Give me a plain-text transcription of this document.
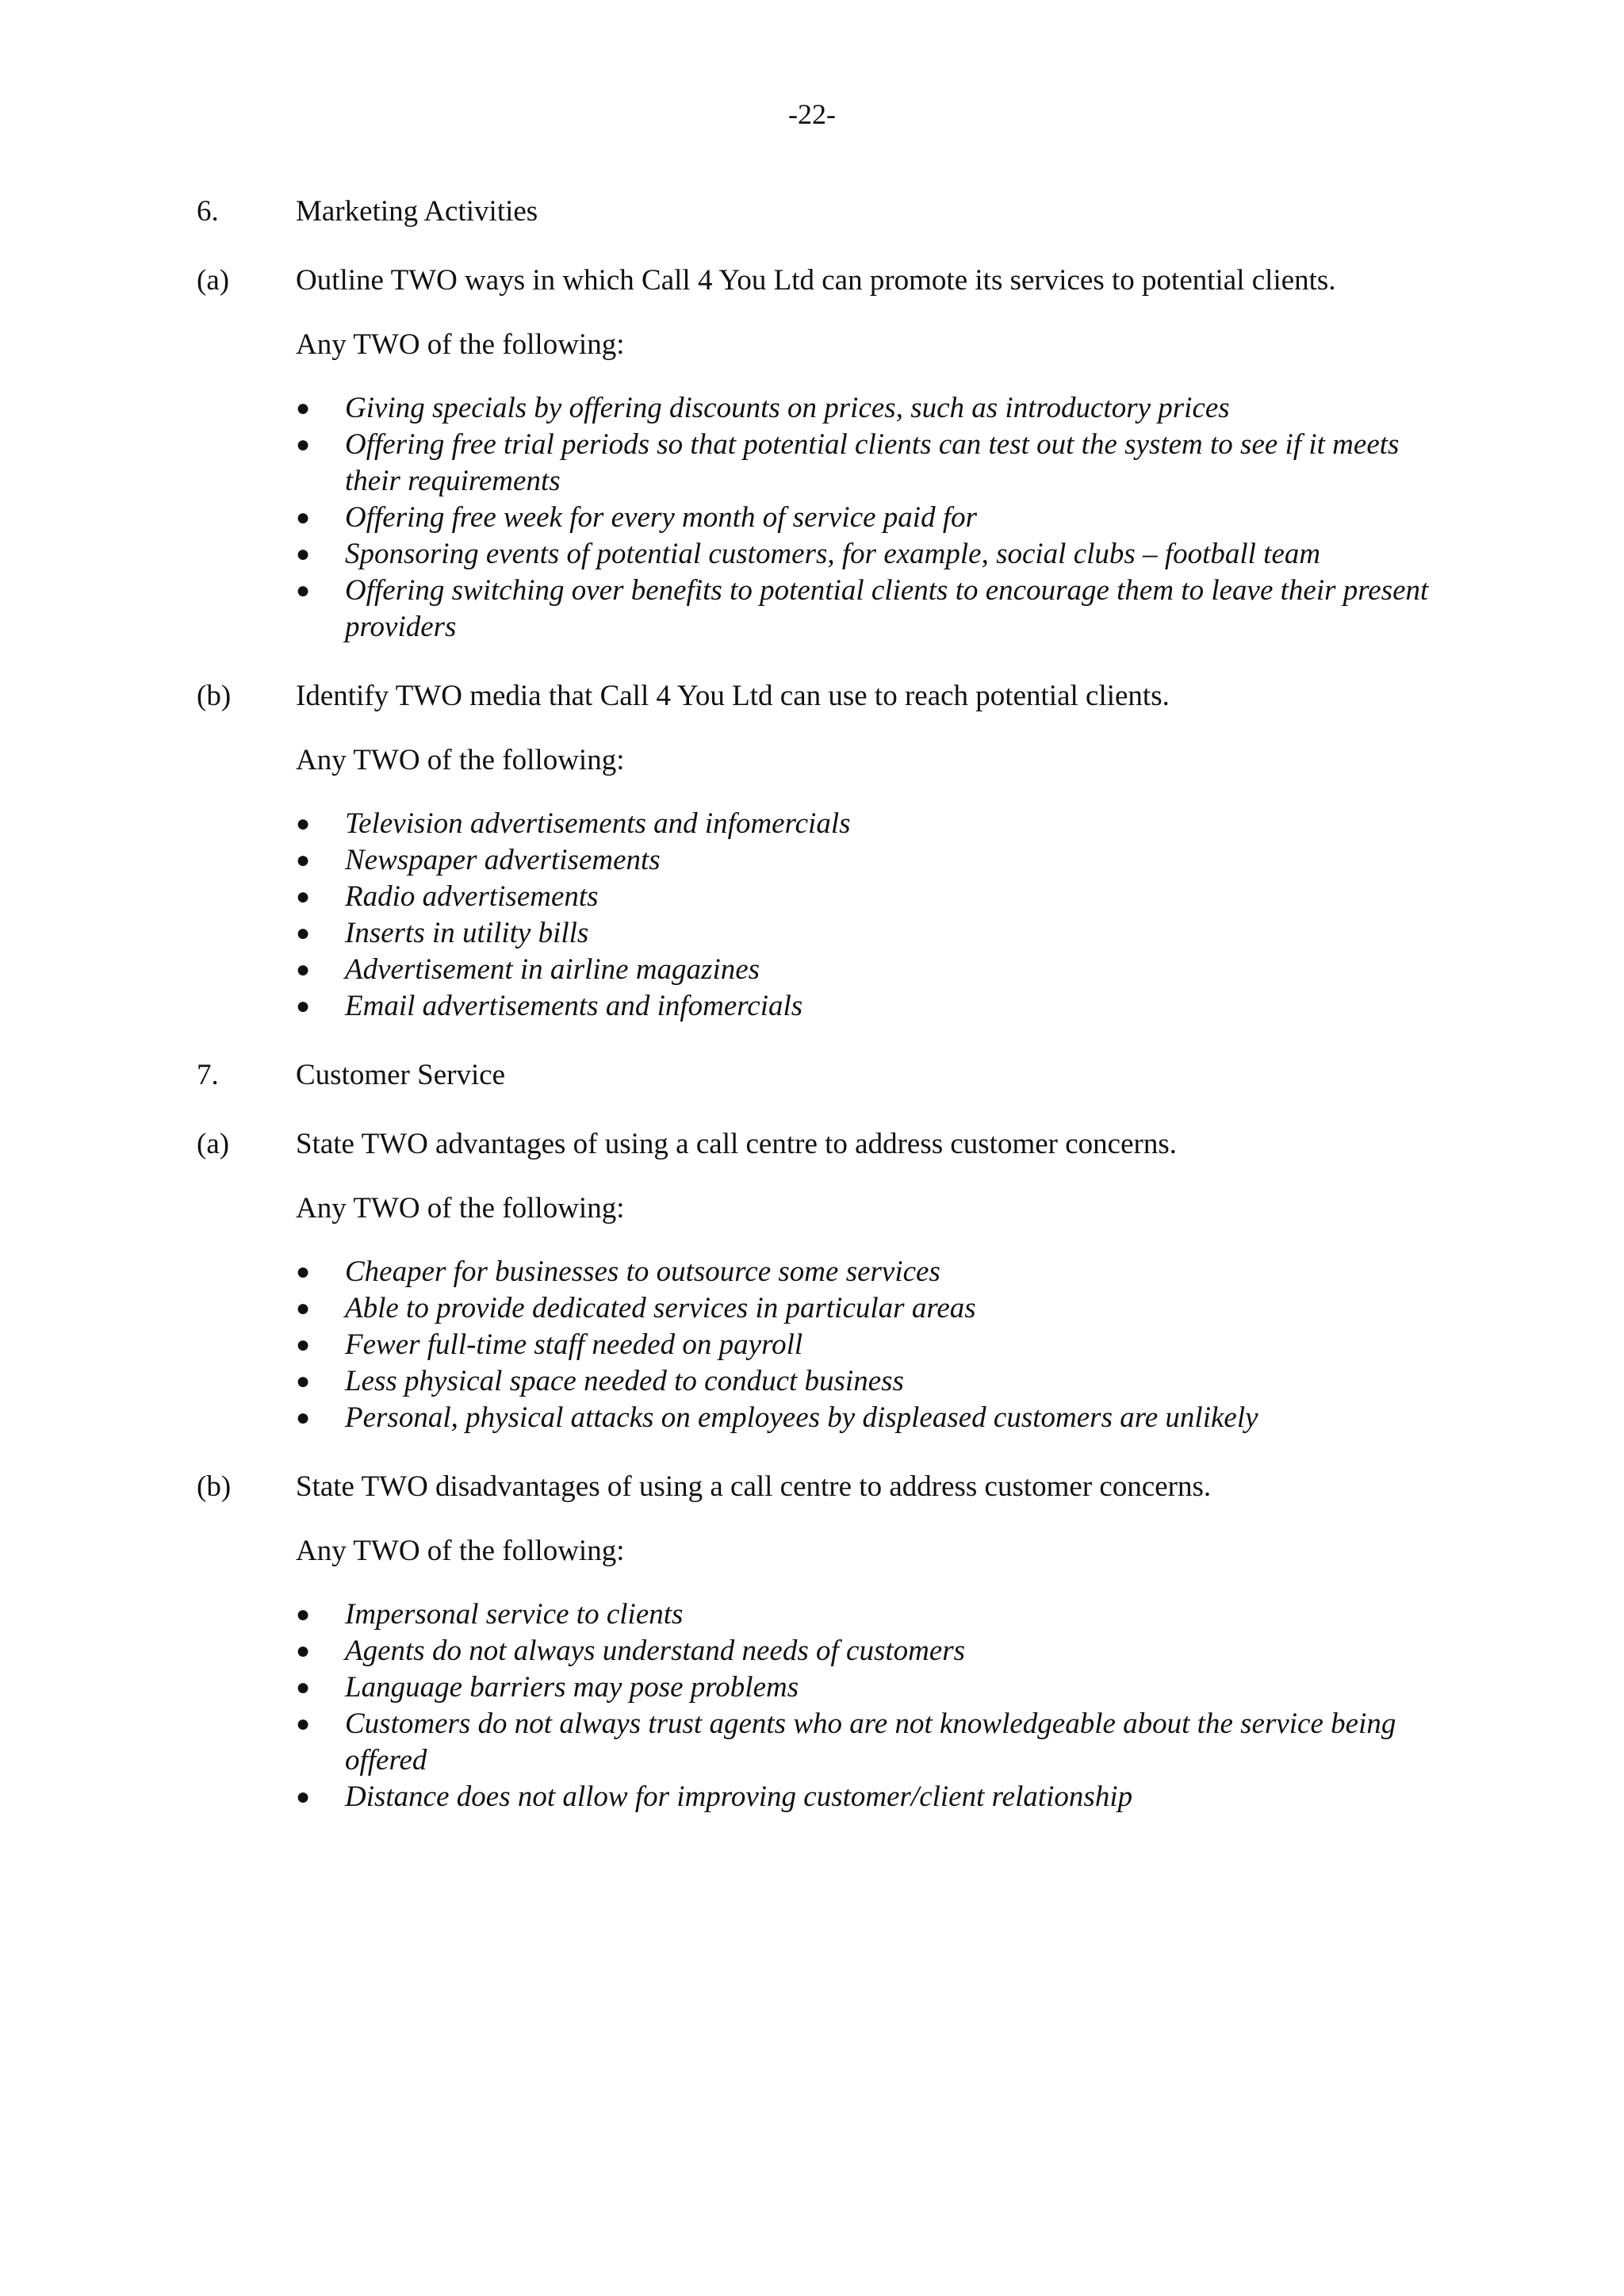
-22-
6.	Marketing Activities
(a) Outline TWO ways in which Call 4 You Ltd can promote its services to potential clients.
Any TWO of the following:
● Giving specials by offering discounts on prices, such as introductory prices
● Offering free trial periods so that potential clients can test out the system to see if it meets their requirements
● Offering free week for every month of service paid for
● Sponsoring events of potential customers, for example, social clubs – football team
● Offering switching over benefits to potential clients to encourage them to leave their present providers
(b) Identify TWO media that Call 4 You Ltd can use to reach potential clients.
Any TWO of the following:
● Television advertisements and infomercials
● Newspaper advertisements
● Radio advertisements
● Inserts in utility bills
● Advertisement in airline magazines
● Email advertisements and infomercials
7.	Customer Service
(a) State TWO advantages of using a call centre to address customer concerns.
Any TWO of the following:
● Cheaper for businesses to outsource some services
● Able to provide dedicated services in particular areas
● Fewer full-time staff needed on payroll
● Less physical space needed to conduct business
● Personal, physical attacks on employees by displeased customers are unlikely
(b) State TWO disadvantages of using a call centre to address customer concerns.
Any TWO of the following:
● Impersonal service to clients
● Agents do not always understand needs of customers
● Language barriers may pose problems
● Customers do not always trust agents who are not knowledgeable about the service being offered
● Distance does not allow for improving customer/client relationship
